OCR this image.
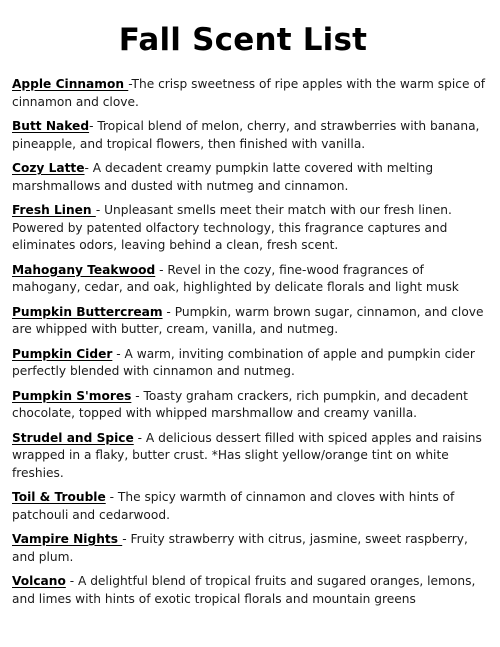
Fall Scent List
Apple Cinnamon -The crisp sweetness of ripe apples with the warm spice of cinnamon and clove.
Butt Naked- Tropical blend of melon, cherry, and strawberries with banana, pineapple, and tropical flowers, then finished with vanilla.
Cozy Latte- A decadent creamy pumpkin latte covered with melting marshmallows and dusted with nutmeg and cinnamon.
Fresh Linen - Unpleasant smells meet their match with our fresh linen. Powered by patented olfactory technology, this fragrance captures and eliminates odors, leaving behind a clean, fresh scent.
Mahogany Teakwood - Revel in the cozy, fine-wood fragrances of mahogany, cedar, and oak, highlighted by delicate florals and light musk
Pumpkin Buttercream - Pumpkin, warm brown sugar, cinnamon, and clove are whipped with butter, cream, vanilla, and nutmeg.
Pumpkin Cider - A warm, inviting combination of apple and pumpkin cider perfectly blended with cinnamon and nutmeg.
Pumpkin S'mores - Toasty graham crackers, rich pumpkin, and decadent chocolate, topped with whipped marshmallow and creamy vanilla.
Strudel and Spice - A delicious dessert filled with spiced apples and raisins wrapped in a flaky, butter crust. *Has slight yellow/orange tint on white freshies.
Toil & Trouble - The spicy warmth of cinnamon and cloves with hints of patchouli and cedarwood.
Vampire Nights - Fruity strawberry with citrus, jasmine, sweet raspberry, and plum.
Volcano - A delightful blend of tropical fruits and sugared oranges, lemons, and limes with hints of exotic tropical florals and mountain greens
